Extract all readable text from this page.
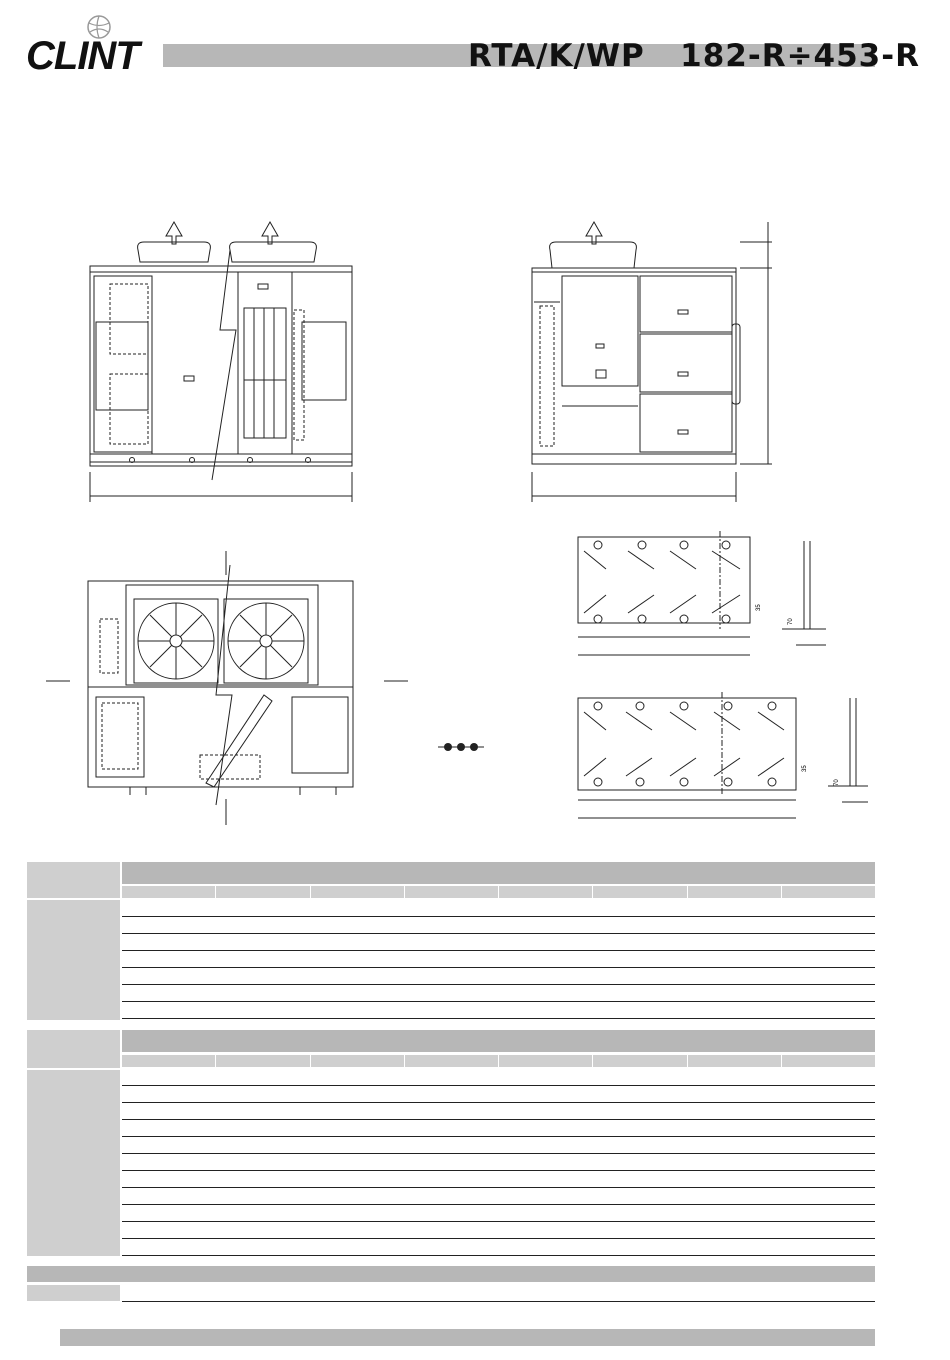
CLINT	RTA/K/WP   182-R÷453-R
35
70
35
70
